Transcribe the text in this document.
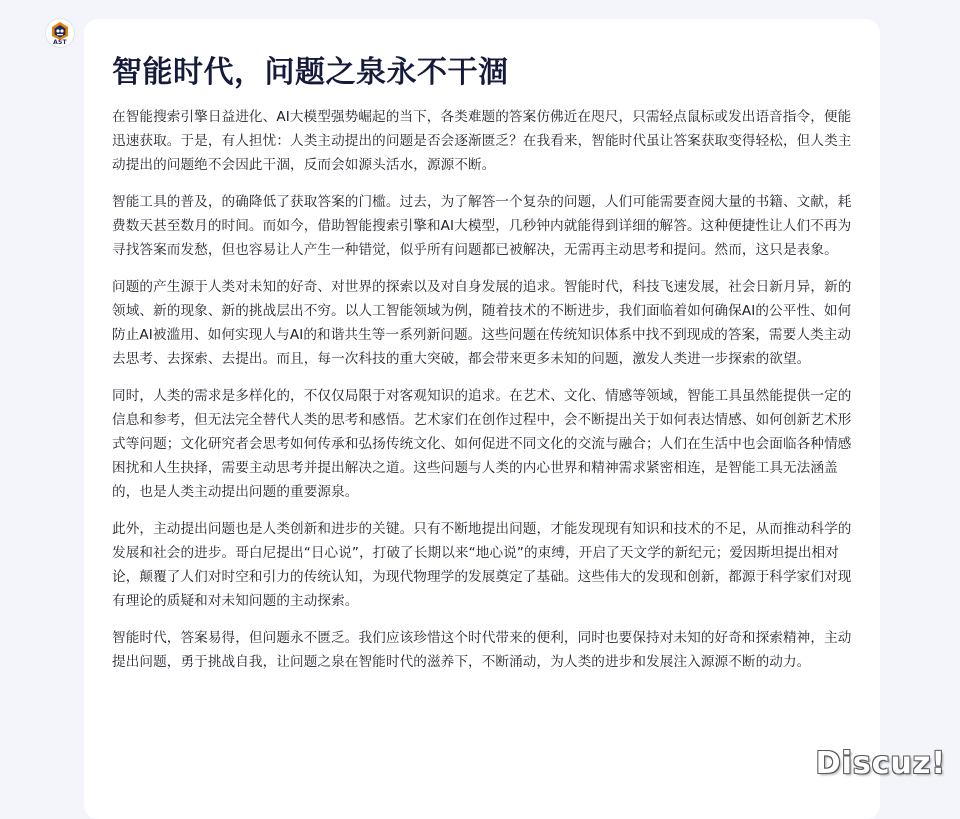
AST
智能时代，问题之泉永不干涸

在智能搜索引擎日益进化、AI大模型强势崛起的当下，各类难题的答案仿佛近在咫尺，只需轻点鼠标或发出语音指令，便能迅速获取。于是，有人担忧：人类主动提出的问题是否会逐渐匮乏？在我看来，智能时代虽让答案获取变得轻松，但人类主动提出的问题绝不会因此干涸，反而会如源头活水，源源不断。

智能工具的普及，的确降低了获取答案的门槛。过去，为了解答一个复杂的问题，人们可能需要查阅大量的书籍、文献，耗费数天甚至数月的时间。而如今，借助智能搜索引擎和AI大模型，几秒钟内就能得到详细的解答。这种便捷性让人们不再为寻找答案而发愁，但也容易让人产生一种错觉，似乎所有问题都已被解决，无需再主动思考和提问。然而，这只是表象。

问题的产生源于人类对未知的好奇、对世界的探索以及对自身发展的追求。智能时代，科技飞速发展，社会日新月异，新的领域、新的现象、新的挑战层出不穷。以人工智能领域为例，随着技术的不断进步，我们面临着如何确保AI的公平性、如何防止AI被滥用、如何实现人与AI的和谐共生等一系列新问题。这些问题在传统知识体系中找不到现成的答案，需要人类主动去思考、去探索、去提出。而且，每一次科技的重大突破，都会带来更多未知的问题，激发人类进一步探索的欲望。

同时，人类的需求是多样化的，不仅仅局限于对客观知识的追求。在艺术、文化、情感等领域，智能工具虽然能提供一定的信息和参考，但无法完全替代人类的思考和感悟。艺术家们在创作过程中，会不断提出关于如何表达情感、如何创新艺术形式等问题；文化研究者会思考如何传承和弘扬传统文化、如何促进不同文化的交流与融合；人们在生活中也会面临各种情感困扰和人生抉择，需要主动思考并提出解决之道。这些问题与人类的内心世界和精神需求紧密相连，是智能工具无法涵盖的，也是人类主动提出问题的重要源泉。

此外，主动提出问题也是人类创新和进步的关键。只有不断地提出问题，才能发现现有知识和技术的不足，从而推动科学的发展和社会的进步。哥白尼提出“日心说”，打破了长期以来“地心说”的束缚，开启了天文学的新纪元；爱因斯坦提出相对论，颠覆了人们对时空和引力的传统认知，为现代物理学的发展奠定了基础。这些伟大的发现和创新，都源于科学家们对现有理论的质疑和对未知问题的主动探索。

智能时代，答案易得，但问题永不匮乏。我们应该珍惜这个时代带来的便利，同时也要保持对未知的好奇和探索精神，主动提出问题，勇于挑战自我，让问题之泉在智能时代的滋养下，不断涌动，为人类的进步和发展注入源源不断的动力。

Discuz!
